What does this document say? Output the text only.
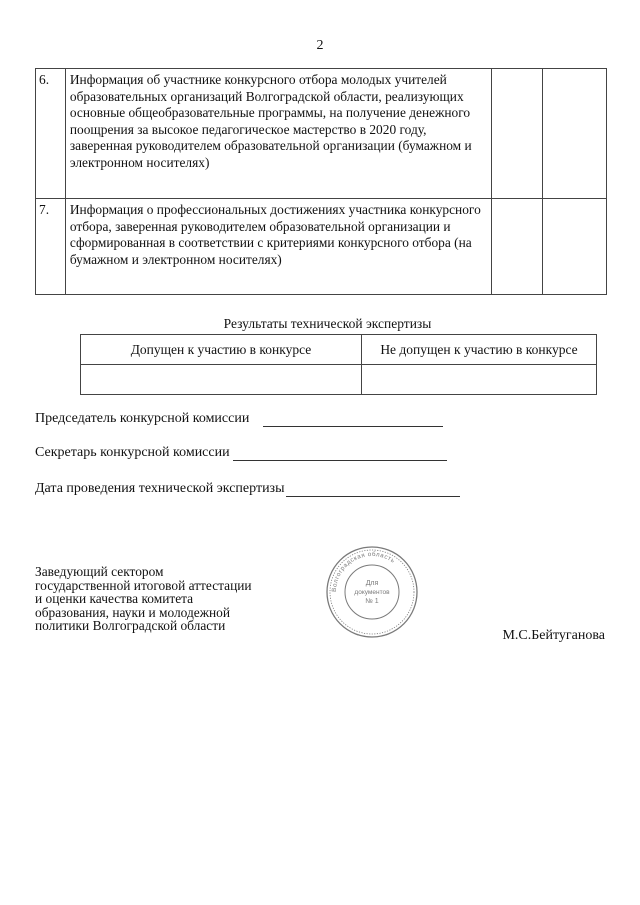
2
6.	Информация об участнике конкурсного отбора молодых учителей образовательных организаций Волгоградской области, реализующих основные общеобразовательные программы, на получение денежного поощрения за высокое педагогическое мастерство в 2020 году, заверенная руководителем образовательной организации (бумажном и электронном носителях)		
7.	Информация о профессиональных достижениях участника конкурсного отбора, заверенная руководителем образовательной организации и сформированная в соответствии с критериями конкурсного отбора (на бумажном и электронном носителях)		
Результаты технической экспертизы
Допущен к участию в конкурсе	Не допущен к участию в конкурсе

Председатель конкурсной комиссии
Секретарь конкурсной комиссии
Дата проведения технической экспертизы
Заведующий сектором государственной итоговой аттестации и оценки качества комитета образования, науки и молодежной политики Волгоградской области
Волгоградская область
Для
документов
№ 1
М.С.Бейтуганова
